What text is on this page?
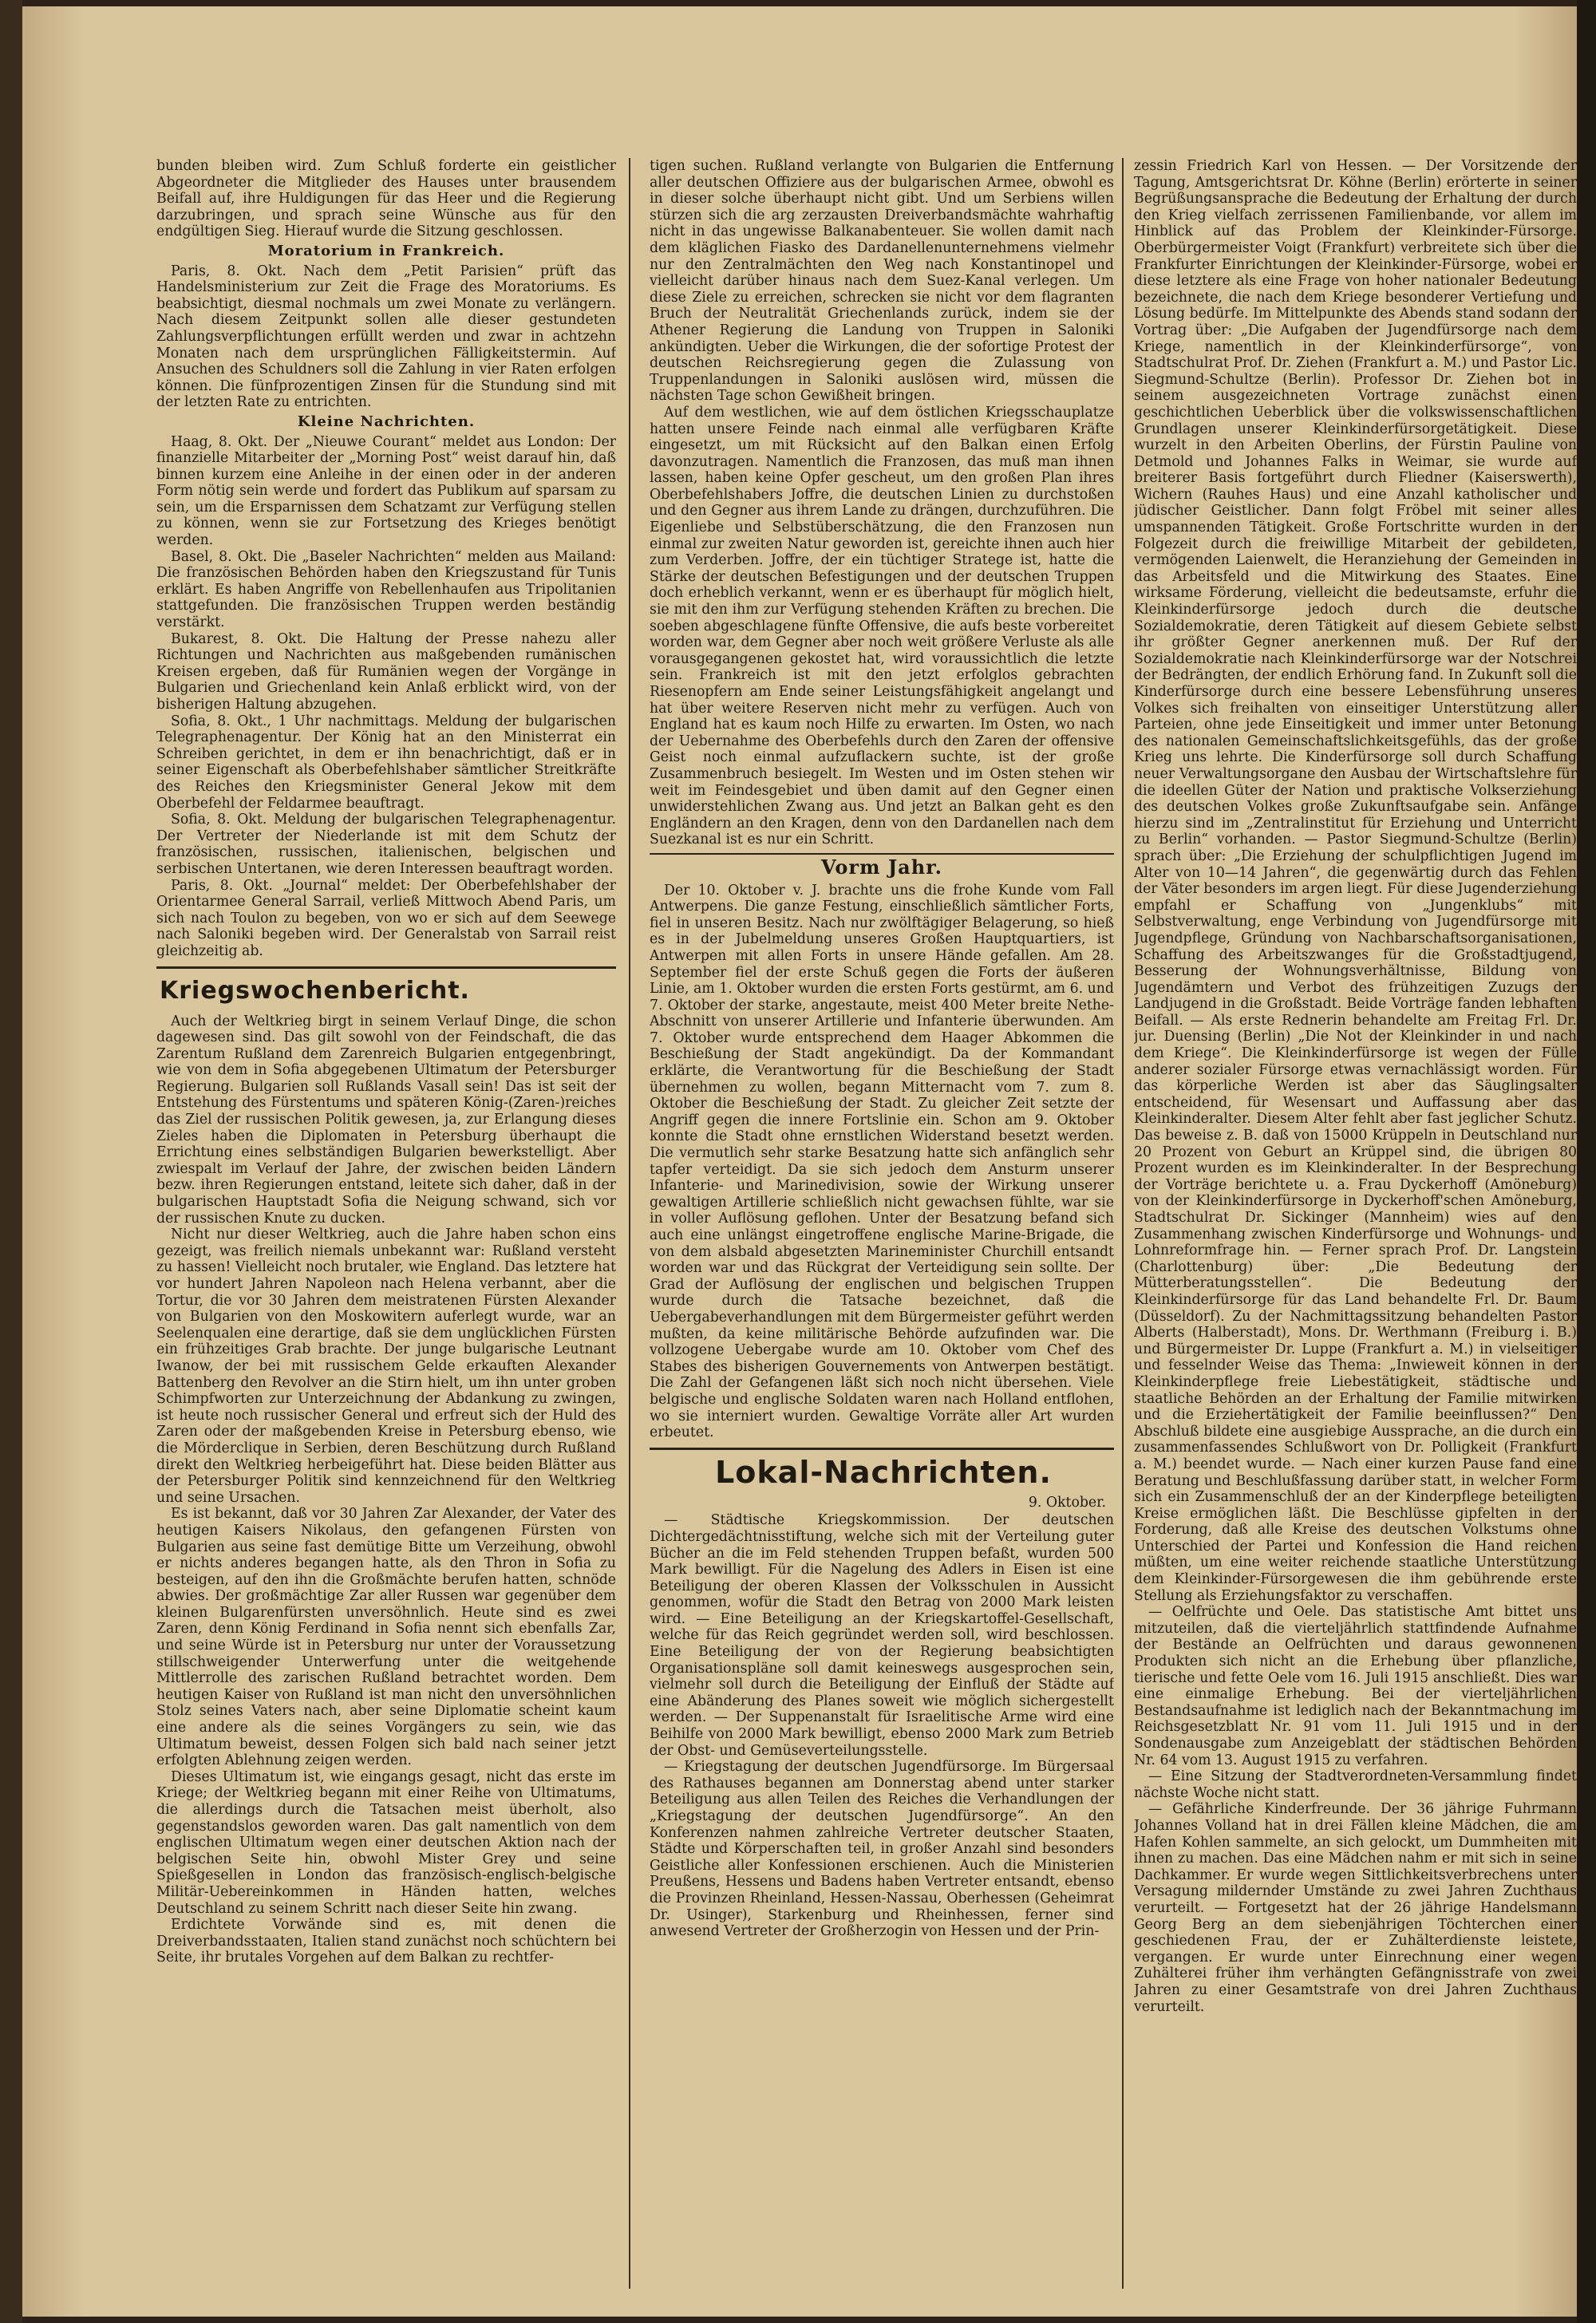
bunden bleiben wird. Zum Schluß forderte ein geistlicher Abgeordneter die Mitglieder des Hauses unter brausendem Beifall auf, ihre Huldigungen für das Heer und die Regierung darzubringen, und sprach seine Wünsche aus für den endgültigen Sieg. Hierauf wurde die Sitzung geschlossen.

Moratorium in Frankreich.

Paris, 8. Okt. Nach dem „Petit Parisien“ prüft das Handelsministerium zur Zeit die Frage des Moratoriums. Es beabsichtigt, diesmal nochmals um zwei Monate zu verlängern. Nach diesem Zeitpunkt sollen alle dieser gestundeten Zahlungsverpflichtungen erfüllt werden und zwar in achtzehn Monaten nach dem ursprünglichen Fälligkeitstermin. Auf Ansuchen des Schuldners soll die Zahlung in vier Raten erfolgen können. Die fünfprozentigen Zinsen für die Stundung sind mit der letzten Rate zu entrichten.

Kleine Nachrichten.

Haag, 8. Okt. Der „Nieuwe Courant“ meldet aus London: Der finanzielle Mitarbeiter der „Morning Post“ weist darauf hin, daß binnen kurzem eine Anleihe in der einen oder in der anderen Form nötig sein werde und fordert das Publikum auf sparsam zu sein, um die Ersparnissen dem Schatzamt zur Verfügung stellen zu können, wenn sie zur Fortsetzung des Krieges benötigt werden.

Basel, 8. Okt. Die „Baseler Nachrichten“ melden aus Mailand: Die französischen Behörden haben den Kriegszustand für Tunis erklärt. Es haben Angriffe von Rebellenhaufen aus Tripolitanien stattgefunden. Die französischen Truppen werden beständig verstärkt.

Bukarest, 8. Okt. Die Haltung der Presse nahezu aller Richtungen und Nachrichten aus maßgebenden rumänischen Kreisen ergeben, daß für Rumänien wegen der Vorgänge in Bulgarien und Griechenland kein Anlaß erblickt wird, von der bisherigen Haltung abzugehen.

Sofia, 8. Okt., 1 Uhr nachmittags. Meldung der bulgarischen Telegraphenagentur. Der König hat an den Ministerrat ein Schreiben gerichtet, in dem er ihn benachrichtigt, daß er in seiner Eigenschaft als Oberbefehlshaber sämtlicher Streitkräfte des Reiches den Kriegsminister General Jekow mit dem Oberbefehl der Feldarmee beauftragt.

Sofia, 8. Okt. Meldung der bulgarischen Telegraphenagentur. Der Vertreter der Niederlande ist mit dem Schutz der französischen, russischen, italienischen, belgischen und serbischen Untertanen, wie deren Interessen beauftragt worden.

Paris, 8. Okt. „Journal“ meldet: Der Oberbefehlshaber der Orientarmee General Sarrail, verließ Mittwoch Abend Paris, um sich nach Toulon zu begeben, von wo er sich auf dem Seewege nach Saloniki begeben wird. Der Generalstab von Sarrail reist gleichzeitig ab.

Kriegswochenbericht.

Auch der Weltkrieg birgt in seinem Verlauf Dinge, die schon dagewesen sind. Das gilt sowohl von der Feindschaft, die das Zarentum Rußland dem Zarenreich Bulgarien entgegenbringt, wie von dem in Sofia abgegebenen Ultimatum der Petersburger Regierung. Bulgarien soll Rußlands Vasall sein! Das ist seit der Entstehung des Fürstentums und späteren König-(Zaren-)reiches das Ziel der russischen Politik gewesen, ja, zur Erlangung dieses Zieles haben die Diplomaten in Petersburg überhaupt die Errichtung eines selbständigen Bulgarien bewerkstelligt. Aber zwiespalt im Verlauf der Jahre, der zwischen beiden Ländern bezw. ihren Regierungen entstand, leitete sich daher, daß in der bulgarischen Hauptstadt Sofia die Neigung schwand, sich vor der russischen Knute zu ducken.

Nicht nur dieser Weltkrieg, auch die Jahre haben schon eins gezeigt, was freilich niemals unbekannt war: Rußland versteht zu hassen! Vielleicht noch brutaler, wie England. Das letztere hat vor hundert Jahren Napoleon nach Helena verbannt, aber die Tortur, die vor 30 Jahren dem meistratenen Fürsten Alexander von Bulgarien von den Moskowitern auferlegt wurde, war an Seelenqualen eine derartige, daß sie dem unglücklichen Fürsten ein frühzeitiges Grab brachte. Der junge bulgarische Leutnant Iwanow, der bei mit russischem Gelde erkauften Alexander Battenberg den Revolver an die Stirn hielt, um ihn unter groben Schimpfworten zur Unterzeichnung der Abdankung zu zwingen, ist heute noch russischer General und erfreut sich der Huld des Zaren oder der maßgebenden Kreise in Petersburg ebenso, wie die Mörderclique in Serbien, deren Beschützung durch Rußland direkt den Weltkrieg herbeigeführt hat. Diese beiden Blätter aus der Petersburger Politik sind kennzeichnend für den Weltkrieg und seine Ursachen.

Es ist bekannt, daß vor 30 Jahren Zar Alexander, der Vater des heutigen Kaisers Nikolaus, den gefangenen Fürsten von Bulgarien aus seine fast demütige Bitte um Verzeihung, obwohl er nichts anderes begangen hatte, als den Thron in Sofia zu besteigen, auf den ihn die Großmächte berufen hatten, schnöde abwies. Der großmächtige Zar aller Russen war gegenüber dem kleinen Bulgarenfürsten unversöhnlich. Heute sind es zwei Zaren, denn König Ferdinand in Sofia nennt sich ebenfalls Zar, und seine Würde ist in Petersburg nur unter der Voraussetzung stillschweigender Unterwerfung unter die weitgehende Mittlerrolle des zarischen Rußland betrachtet worden. Dem heutigen Kaiser von Rußland ist man nicht den unversöhnlichen Stolz seines Vaters nach, aber seine Diplomatie scheint kaum eine andere als die seines Vorgängers zu sein, wie das Ultimatum beweist, dessen Folgen sich bald nach seiner jetzt erfolgten Ablehnung zeigen werden.

Dieses Ultimatum ist, wie eingangs gesagt, nicht das erste im Kriege; der Weltkrieg begann mit einer Reihe von Ultimatums, die allerdings durch die Tatsachen meist überholt, also gegenstandslos geworden waren. Das galt namentlich von dem englischen Ultimatum wegen einer deutschen Aktion nach der belgischen Seite hin, obwohl Mister Grey und seine Spießgesellen in London das französisch-englisch-belgische Militär-Uebereinkommen in Händen hatten, welches Deutschland zu seinem Schritt nach dieser Seite hin zwang.

Erdichtete Vorwände sind es, mit denen die Dreiverbandsstaaten, Italien stand zunächst noch schüchtern bei Seite, ihr brutales Vorgehen auf dem Balkan zu rechtfer-

tigen suchen. Rußland verlangte von Bulgarien die Entfernung aller deutschen Offiziere aus der bulgarischen Armee, obwohl es in dieser solche überhaupt nicht gibt. Und um Serbiens willen stürzen sich die arg zerzausten Dreiverbandsmächte wahrhaftig nicht in das ungewisse Balkanabenteuer. Sie wollen damit nach dem kläglichen Fiasko des Dardanellenunternehmens vielmehr nur den Zentralmächten den Weg nach Konstantinopel und vielleicht darüber hinaus nach dem Suez-Kanal verlegen. Um diese Ziele zu erreichen, schrecken sie nicht vor dem flagranten Bruch der Neutralität Griechenlands zurück, indem sie der Athener Regierung die Landung von Truppen in Saloniki ankündigten. Ueber die Wirkungen, die der sofortige Protest der deutschen Reichsregierung gegen die Zulassung von Truppenlandungen in Saloniki auslösen wird, müssen die nächsten Tage schon Gewißheit bringen.

Auf dem westlichen, wie auf dem östlichen Kriegsschauplatze hatten unsere Feinde nach einmal alle verfügbaren Kräfte eingesetzt, um mit Rücksicht auf den Balkan einen Erfolg davonzutragen. Namentlich die Franzosen, das muß man ihnen lassen, haben keine Opfer gescheut, um den großen Plan ihres Oberbefehlshabers Joffre, die deutschen Linien zu durchstoßen und den Gegner aus ihrem Lande zu drängen, durchzuführen. Die Eigenliebe und Selbstüberschätzung, die den Franzosen nun einmal zur zweiten Natur geworden ist, gereichte ihnen auch hier zum Verderben. Joffre, der ein tüchtiger Stratege ist, hatte die Stärke der deutschen Befestigungen und der deutschen Truppen doch erheblich verkannt, wenn er es überhaupt für möglich hielt, sie mit den ihm zur Verfügung stehenden Kräften zu brechen. Die soeben abgeschlagene fünfte Offensive, die aufs beste vorbereitet worden war, dem Gegner aber noch weit größere Verluste als alle vorausgegangenen gekostet hat, wird voraussichtlich die letzte sein. Frankreich ist mit den jetzt erfolglos gebrachten Riesenopfern am Ende seiner Leistungsfähigkeit angelangt und hat über weitere Reserven nicht mehr zu verfügen. Auch von England hat es kaum noch Hilfe zu erwarten. Im Osten, wo nach der Uebernahme des Oberbefehls durch den Zaren der offensive Geist noch einmal aufzuflackern suchte, ist der große Zusammenbruch besiegelt. Im Westen und im Osten stehen wir weit im Feindesgebiet und üben damit auf den Gegner einen unwiderstehlichen Zwang aus. Und jetzt an Balkan geht es den Engländern an den Kragen, denn von den Dardanellen nach dem Suezkanal ist es nur ein Schritt.

Vorm Jahr.

Der 10. Oktober v. J. brachte uns die frohe Kunde vom Fall Antwerpens. Die ganze Festung, einschließlich sämtlicher Forts, fiel in unseren Besitz. Nach nur zwölftägiger Belagerung, so hieß es in der Jubelmeldung unseres Großen Hauptquartiers, ist Antwerpen mit allen Forts in unsere Hände gefallen. Am 28. September fiel der erste Schuß gegen die Forts der äußeren Linie, am 1. Oktober wurden die ersten Forts gestürmt, am 6. und 7. Oktober der starke, angestaute, meist 400 Meter breite Nethe-Abschnitt von unserer Artillerie und Infanterie überwunden. Am 7. Oktober wurde entsprechend dem Haager Abkommen die Beschießung der Stadt angekündigt. Da der Kommandant erklärte, die Verantwortung für die Beschießung der Stadt übernehmen zu wollen, begann Mitternacht vom 7. zum 8. Oktober die Beschießung der Stadt. Zu gleicher Zeit setzte der Angriff gegen die innere Fortslinie ein. Schon am 9. Oktober konnte die Stadt ohne ernstlichen Widerstand besetzt werden. Die vermutlich sehr starke Besatzung hatte sich anfänglich sehr tapfer verteidigt. Da sie sich jedoch dem Ansturm unserer Infanterie- und Marinedivision, sowie der Wirkung unserer gewaltigen Artillerie schließlich nicht gewachsen fühlte, war sie in voller Auflösung geflohen. Unter der Besatzung befand sich auch eine unlängst eingetroffene englische Marine-Brigade, die von dem alsbald abgesetzten Marineminister Churchill entsandt worden war und das Rückgrat der Verteidigung sein sollte. Der Grad der Auflösung der englischen und belgischen Truppen wurde durch die Tatsache bezeichnet, daß die Uebergabeverhandlungen mit dem Bürgermeister geführt werden mußten, da keine militärische Behörde aufzufinden war. Die vollzogene Uebergabe wurde am 10. Oktober vom Chef des Stabes des bisherigen Gouvernements von Antwerpen bestätigt. Die Zahl der Gefangenen läßt sich noch nicht übersehen. Viele belgische und englische Soldaten waren nach Holland entflohen, wo sie interniert wurden. Gewaltige Vorräte aller Art wurden erbeutet.

Lokal-Nachrichten.
9. Oktober.

— Städtische Kriegskommission. Der deutschen Dichtergedächtnisstiftung, welche sich mit der Verteilung guter Bücher an die im Feld stehenden Truppen befaßt, wurden 500 Mark bewilligt. Für die Nagelung des Adlers in Eisen ist eine Beteiligung der oberen Klassen der Volksschulen in Aussicht genommen, wofür die Stadt den Betrag von 2000 Mark leisten wird. — Eine Beteiligung an der Kriegskartoffel-Gesellschaft, welche für das Reich gegründet werden soll, wird beschlossen. Eine Beteiligung der von der Regierung beabsichtigten Organisationspläne soll damit keineswegs ausgesprochen sein, vielmehr soll durch die Beteiligung der Einfluß der Städte auf eine Abänderung des Planes soweit wie möglich sichergestellt werden. — Der Suppenanstalt für Israelitische Arme wird eine Beihilfe von 2000 Mark bewilligt, ebenso 2000 Mark zum Betrieb der Obst- und Gemüseverteilungsstelle.

— Kriegstagung der deutschen Jugendfürsorge. Im Bürgersaal des Rathauses begannen am Donnerstag abend unter starker Beteiligung aus allen Teilen des Reiches die Verhandlungen der „Kriegstagung der deutschen Jugendfürsorge“. An den Konferenzen nahmen zahlreiche Vertreter deutscher Staaten, Städte und Körperschaften teil, in großer Anzahl sind besonders Geistliche aller Konfessionen erschienen. Auch die Ministerien Preußens, Hessens und Badens haben Vertreter entsandt, ebenso die Provinzen Rheinland, Hessen-Nassau, Oberhessen (Geheimrat Dr. Usinger), Starkenburg und Rheinhessen, ferner sind anwesend Vertreter der Großherzogin von Hessen und der Prin-

zessin Friedrich Karl von Hessen. — Der Vorsitzende der Tagung, Amtsgerichtsrat Dr. Köhne (Berlin) erörterte in seiner Begrüßungsansprache die Bedeutung der Erhaltung der durch den Krieg vielfach zerrissenen Familienbande, vor allem im Hinblick auf das Problem der Kleinkinder-Fürsorge. Oberbürgermeister Voigt (Frankfurt) verbreitete sich über die Frankfurter Einrichtungen der Kleinkinder-Fürsorge, wobei er diese letztere als eine Frage von hoher nationaler Bedeutung bezeichnete, die nach dem Kriege besonderer Vertiefung und Lösung bedürfe. Im Mittelpunkte des Abends stand sodann der Vortrag über: „Die Aufgaben der Jugendfürsorge nach dem Kriege, namentlich in der Kleinkinderfürsorge“, von Stadtschulrat Prof. Dr. Ziehen (Frankfurt a. M.) und Pastor Lic. Siegmund-Schultze (Berlin). Professor Dr. Ziehen bot in seinem ausgezeichneten Vortrage zunächst einen geschichtlichen Ueberblick über die volkswissenschaftlichen Grundlagen unserer Kleinkinderfürsorgetätigkeit. Diese wurzelt in den Arbeiten Oberlins, der Fürstin Pauline von Detmold und Johannes Falks in Weimar, sie wurde auf breiterer Basis fortgeführt durch Fliedner (Kaiserswerth), Wichern (Rauhes Haus) und eine Anzahl katholischer und jüdischer Geistlicher. Dann folgt Fröbel mit seiner alles umspannenden Tätigkeit. Große Fortschritte wurden in der Folgezeit durch die freiwillige Mitarbeit der gebildeten, vermögenden Laienwelt, die Heranziehung der Gemeinden in das Arbeitsfeld und die Mitwirkung des Staates. Eine wirksame Förderung, vielleicht die bedeutsamste, erfuhr die Kleinkinderfürsorge jedoch durch die deutsche Sozialdemokratie, deren Tätigkeit auf diesem Gebiete selbst ihr größter Gegner anerkennen muß. Der Ruf der Sozialdemokratie nach Kleinkinderfürsorge war der Notschrei der Bedrängten, der endlich Erhörung fand. In Zukunft soll die Kinderfürsorge durch eine bessere Lebensführung unseres Volkes sich freihalten von einseitiger Unterstützung aller Parteien, ohne jede Einseitigkeit und immer unter Betonung des nationalen Gemeinschaftslichkeitsgefühls, das der große Krieg uns lehrte. Die Kinderfürsorge soll durch Schaffung neuer Verwaltungsorgane den Ausbau der Wirtschaftslehre für die ideellen Güter der Nation und praktische Volkserziehung des deutschen Volkes große Zukunftsaufgabe sein. Anfänge hierzu sind im „Zentralinstitut für Erziehung und Unterricht zu Berlin“ vorhanden. — Pastor Siegmund-Schultze (Berlin) sprach über: „Die Erziehung der schulpflichtigen Jugend im Alter von 10—14 Jahren“, die gegenwärtig durch das Fehlen der Väter besonders im argen liegt. Für diese Jugenderziehung empfahl er Schaffung von „Jungenklubs“ mit Selbstverwaltung, enge Verbindung von Jugendfürsorge mit Jugendpflege, Gründung von Nachbarschaftsorganisationen, Schaffung des Arbeitszwanges für die Großstadtjugend, Besserung der Wohnungsverhältnisse, Bildung von Jugendämtern und Verbot des frühzeitigen Zuzugs der Landjugend in die Großstadt. Beide Vorträge fanden lebhaften Beifall. — Als erste Rednerin behandelte am Freitag Frl. Dr. jur. Duensing (Berlin) „Die Not der Kleinkinder in und nach dem Kriege“. Die Kleinkinderfürsorge ist wegen der Fülle anderer sozialer Fürsorge etwas vernachlässigt worden. Für das körperliche Werden ist aber das Säuglingsalter entscheidend, für Wesensart und Auffassung aber das Kleinkinderalter. Diesem Alter fehlt aber fast jeglicher Schutz. Das beweise z. B. daß von 15000 Krüppeln in Deutschland nur 20 Prozent von Geburt an Krüppel sind, die übrigen 80 Prozent wurden es im Kleinkinderalter. In der Besprechung der Vorträge berichtete u. a. Frau Dyckerhoff (Amöneburg) von der Kleinkinderfürsorge in Dyckerhoff'schen Amöneburg, Stadtschulrat Dr. Sickinger (Mannheim) wies auf den Zusammenhang zwischen Kinderfürsorge und Wohnungs- und Lohnreformfrage hin. — Ferner sprach Prof. Dr. Langstein (Charlottenburg) über: „Die Bedeutung der Mütterberatungsstellen“. Die Bedeutung der Kleinkinderfürsorge für das Land behandelte Frl. Dr. Baum (Düsseldorf). Zu der Nachmittagssitzung behandelten Pastor Alberts (Halberstadt), Mons. Dr. Werthmann (Freiburg i. B.) und Bürgermeister Dr. Luppe (Frankfurt a. M.) in vielseitiger und fesselnder Weise das Thema: „Inwieweit können in der Kleinkinderpflege freie Liebestätigkeit, städtische und staatliche Behörden an der Erhaltung der Familie mitwirken und die Erziehertätigkeit der Familie beeinflussen?“ Den Abschluß bildete eine ausgiebige Aussprache, an die durch ein zusammenfassendes Schlußwort von Dr. Polligkeit (Frankfurt a. M.) beendet wurde. — Nach einer kurzen Pause fand eine Beratung und Beschlußfassung darüber statt, in welcher Form sich ein Zusammenschluß der an der Kinderpflege beteiligten Kreise ermöglichen läßt. Die Beschlüsse gipfelten in der Forderung, daß alle Kreise des deutschen Volkstums ohne Unterschied der Partei und Konfession die Hand reichen müßten, um eine weiter reichende staatliche Unterstützung dem Kleinkinder-Fürsorgewesen die ihm gebührende erste Stellung als Erziehungsfaktor zu verschaffen.

— Oelfrüchte und Oele. Das statistische Amt bittet uns mitzuteilen, daß die vierteljährlich stattfindende Aufnahme der Bestände an Oelfrüchten und daraus gewonnenen Produkten sich nicht an die Erhebung über pflanzliche, tierische und fette Oele vom 16. Juli 1915 anschließt. Dies war eine einmalige Erhebung. Bei der vierteljährlichen Bestandsaufnahme ist lediglich nach der Bekanntmachung im Reichsgesetzblatt Nr. 91 vom 11. Juli 1915 und in der Sondenausgabe zum Anzeigeblatt der städtischen Behörden Nr. 64 vom 13. August 1915 zu verfahren.

— Eine Sitzung der Stadtverordneten-Versammlung findet nächste Woche nicht statt.

— Gefährliche Kinderfreunde. Der 36 jährige Fuhrmann Johannes Volland hat in drei Fällen kleine Mädchen, die am Hafen Kohlen sammelte, an sich gelockt, um Dummheiten mit ihnen zu machen. Das eine Mädchen nahm er mit sich in seine Dachkammer. Er wurde wegen Sittlichkeitsverbrechens unter Versagung mildernder Umstände zu zwei Jahren Zuchthaus verurteilt. — Fortgesetzt hat der 26 jährige Handelsmann Georg Berg an dem siebenjährigen Töchterchen einer geschiedenen Frau, der er Zuhälterdienste leistete, vergangen. Er wurde unter Einrechnung einer wegen Zuhälterei früher ihm verhängten Gefängnisstrafe von zwei Jahren zu einer Gesamtstrafe von drei Jahren Zuchthaus verurteilt.
